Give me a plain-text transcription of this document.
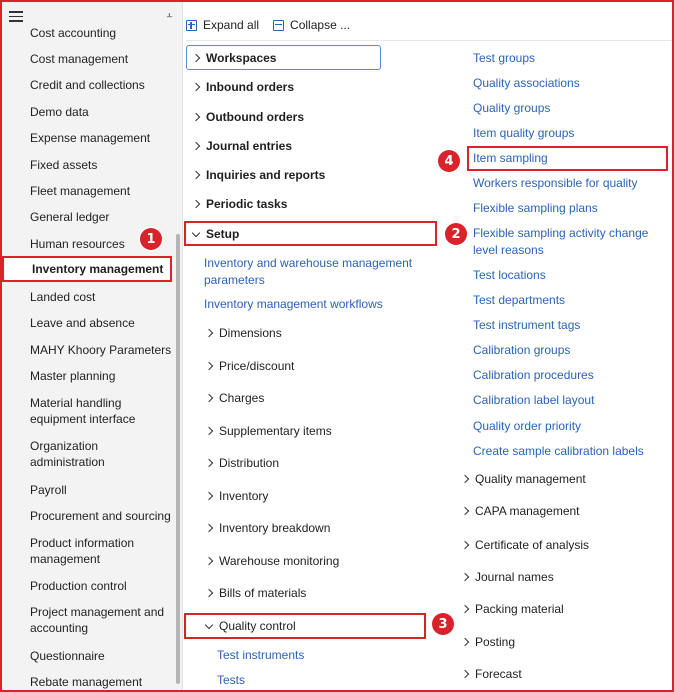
⫠
Cost accounting
Cost management
Credit and collections
Demo data
Expense management
Fixed assets
Fleet management
General ledger
Human resources
Inventory management
Landed cost
Leave and absence
MAHY Khoory Parameters
Master planning
Material handling equipment interface
Organization administration
Payroll
Procurement and sourcing
Product information management
Production control
Project management and accounting
Questionnaire
Rebate management
Expand all	Collapse ...
Workspaces
Inbound orders
Outbound orders
Journal entries
Inquiries and reports
Periodic tasks
Setup
Inventory and warehouse management parameters
Inventory management workflows
Dimensions
Price/discount
Charges
Supplementary items
Distribution
Inventory
Inventory breakdown
Warehouse monitoring
Bills of materials
Quality control
Test instruments
Tests
Test groups
Quality associations
Quality groups
Item quality groups
Item sampling
Workers responsible for quality
Flexible sampling plans
Flexible sampling activity change level reasons
Test locations
Test departments
Test instrument tags
Calibration groups
Calibration procedures
Calibration label layout
Quality order priority
Create sample calibration labels
Quality management
CAPA management
Certificate of analysis
Journal names
Packing material
Posting
Forecast
1	2
3
4
